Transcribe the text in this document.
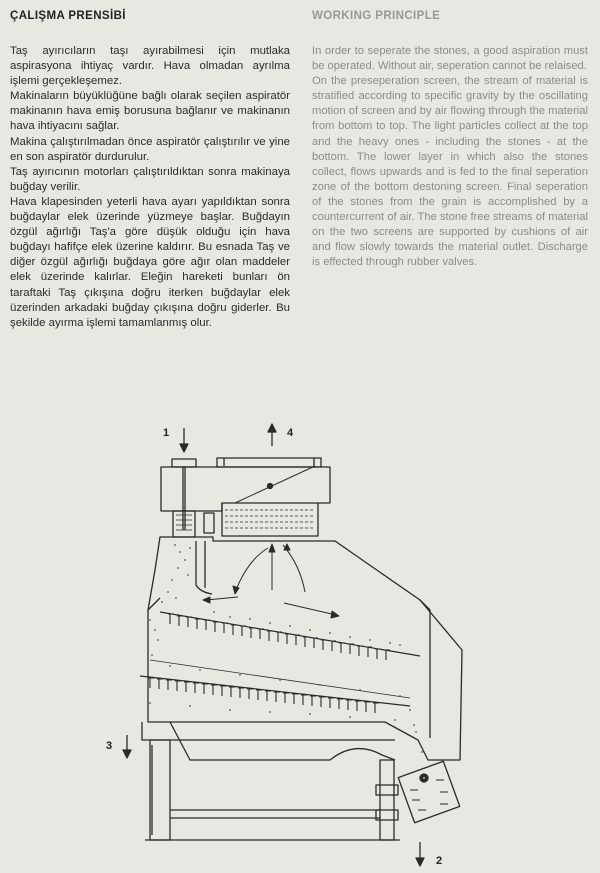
ÇALIŞMA PRENSİBİ

Taş ayırıcıların taşı ayırabilmesi için mutlaka aspirasyona ihtiyaç vardır. Hava olmadan ayrılma işlemi gerçekleşemez.

Makinaların büyüklüğüne bağlı olarak seçilen aspiratör makinanın hava emiş borusuna bağlanır ve makinanın hava ihtiyacını sağlar.

Makina çalıştırılmadan önce aspiratör çalıştırılır ve yine en son aspiratör durdurulur.

Taş ayırıcının motorları çalıştırıldıktan sonra makinaya buğday verilir.

Hava klapesinden yeterli hava ayarı yapıldıktan sonra buğdaylar elek üzerinde yüzmeye başlar. Buğdayın özgül ağırlığı Taş'a göre düşük olduğu için hava buğdayı hafifçe elek üzerine kaldırır. Bu esnada Taş ve diğer özgül ağırlığı buğdaya göre ağır olan maddeler elek üzerinde kalırlar. Eleğin hareketi bunları ön taraftaki Taş çıkışına doğru iterken buğdaylar elek üzerinden arkadaki buğday çıkışına doğru giderler. Bu şekilde ayırma işlemi tamamlanmış olur.

WORKING PRINCIPLE

In order to seperate the stones, a good aspiration must be operated. Without air, seperation cannot be relaised.

On the preseperation screen, the stream of material is stratified according to specific gravity by the oscillating motion of screen and by air flowing through the material from bottom to top. The light particles collect at the top and the heavy ones - including the stones - at the bottom. The lower layer in which also the stones collect, flows upwards and is fed to the final seperation zone of the bottom destoning screen. Final seperation of the stones from the grain is accomplished by a countercurrent of air. The stone free streams of material on the two screens are supported by cushions of air and flow slowly towards the material outlet. Discharge is effected through rubber valves.

1	4
3
2
